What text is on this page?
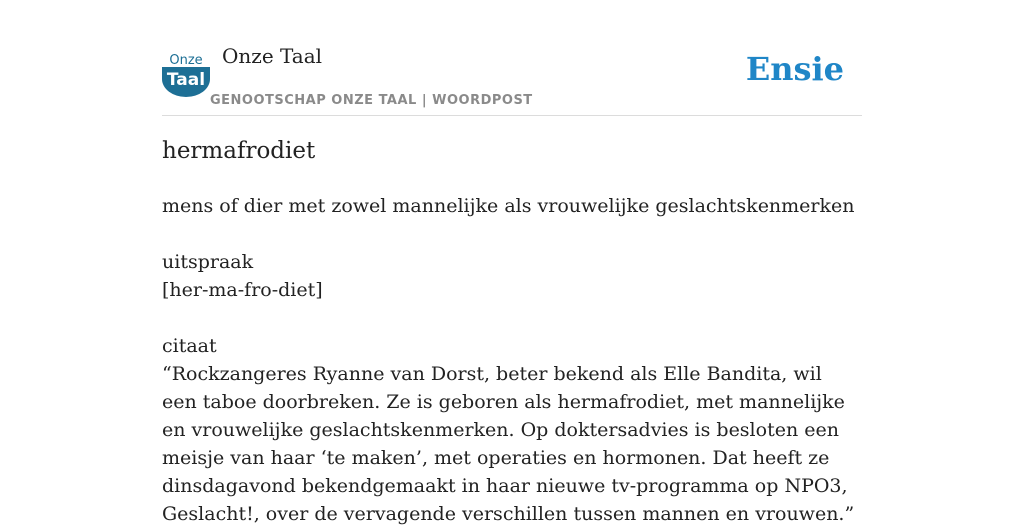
Onze
Taal
Onze Taal
GENOOTSCHAP ONZE TAAL | WOORDPOST
Ensie
hermafrodiet

mens of dier met zowel mannelijke als vrouwelijke geslachtskenmerken

uitspraak

[her-ma-fro-diet]

citaat

“Rockzangeres Ryanne van Dorst, beter bekend als Elle Bandita, wil een taboe doorbreken. Ze is geboren als hermafrodiet, met mannelijke en vrouwelijke geslachtskenmerken. Op doktersadvies is besloten een meisje van haar ‘te maken’, met operaties en hormonen. Dat heeft ze dinsdagavond bekendgemaakt in haar nieuwe tv-programma op NPO3, Geslacht!, over de vervagende verschillen tussen mannen en vrouwen.”
